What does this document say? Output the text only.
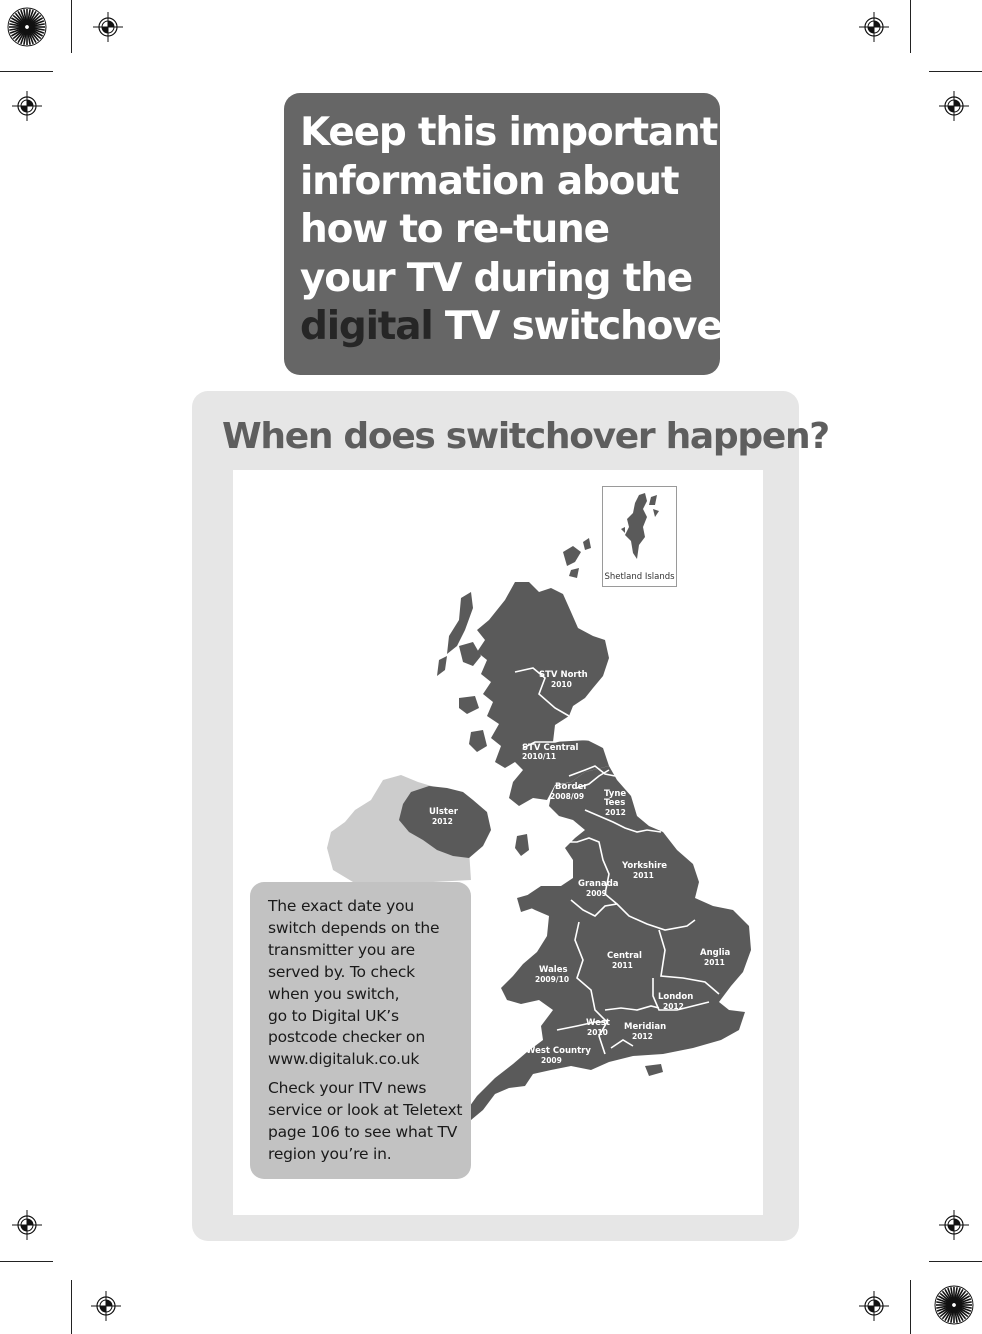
Keep this important
information about
how to re-tune
your TV during the
digital TV switchover
When does switchover happen?
STV North
2010
STV Central
2010/11
Border
2008/09 Tyne Tees
2012
Ulster
2012
Yorkshire
2011
Granada
2009
Anglia
2011
Central
2011
Wales
2009/10
London
2012
West
2010
Meridian
2012
West Country
2009
Shetland Islands
The exact date you
switch depends on the
transmitter you are
served by. To check
when you switch,
go to Digital UK’s
postcode checker on
www.digitaluk.co.uk
Check your ITV news
service or look at Teletext
page 106 to see what TV
region you’re in.
